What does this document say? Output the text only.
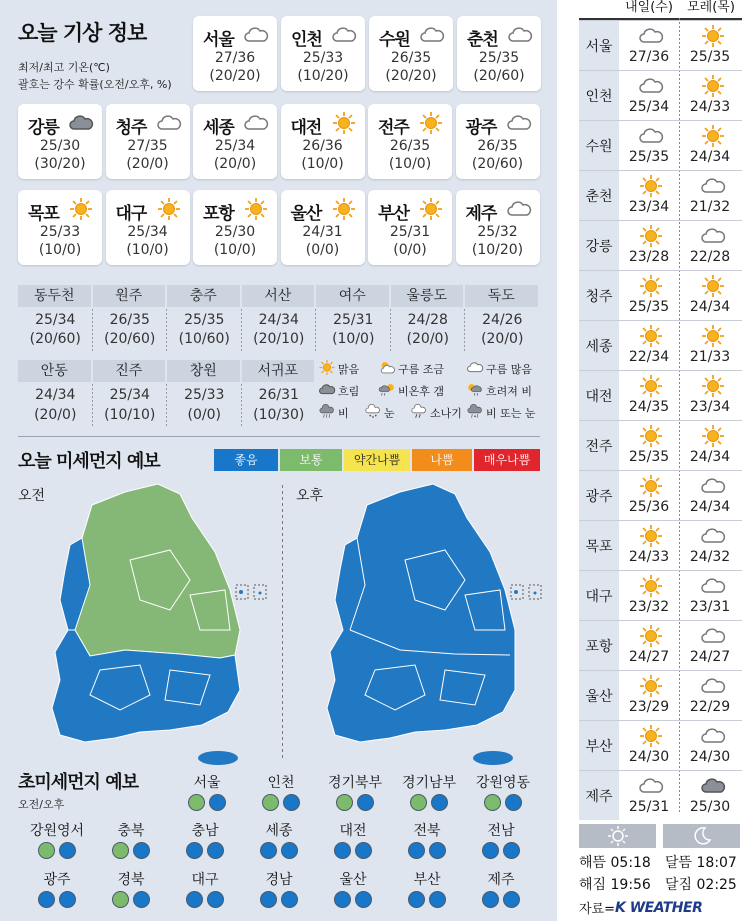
오늘 기상 정보
최저/최고 기온(℃)
괄호는 강수 확률(오전/오후, %)
서울
27/36
(20/20)
인천
25/33
(10/20)
수원
26/35
(20/20)
춘천
25/35
(20/60)
강릉
25/30
(30/20)
청주
27/35
(20/0)
세종
25/34
(20/0)
대전
26/36
(10/0)
전주
26/35
(10/0)
광주
26/35
(20/60)
목포
25/33
(10/0)
대구
25/34
(10/0)
포항
25/30
(10/0)
울산
24/31
(0/0)
부산
25/31
(0/0)
제주
25/32
(10/20)
동두천
25/34
(20/60)
원주
26/35
(20/60)
충주
25/35
(10/60)
서산
24/34
(20/10)
여수
25/31
(10/0)
울릉도
24/28
(20/0)
독도
24/26
(20/0)
안동
24/34
(20/0)
진주
25/34
(10/10)
창원
25/33
(0/0)
서귀포
26/31
(10/30)
맑음	구름 조금	구름 많음
흐림	비온후 갬	흐려져 비
비	눈	소나기 비 또는 눈
오늘 미세먼지 예보	좋음	보통	약간나쁨	나쁨	매우나쁨
오전	오후
초미세먼지 예보
오전/오후
서울	인천	경기북부	경기남부	강원영동
강원영서	충북	충남	세종	대전	전북	전남
광주	경북	대구	경남	울산	부산	제주
내일(수)	모레(목)
서울
27/36	25/35
인천
25/34	24/33
수원
25/35	24/34
춘천
23/34	21/32
강릉
23/28	22/28
청주
25/35	24/34
세종
22/34	21/33
대전
24/35	23/34
전주
25/35	24/34
광주
25/36	24/34
목포
24/33	24/32
대구
23/32	23/31
포항
24/27	24/27
울산
23/29	22/29
부산
24/30	24/30
제주
25/31	25/30
해뜸 05:18
해짐 19:56
달뜸 18:07
달짐 02:25
자료= K WEATHER
